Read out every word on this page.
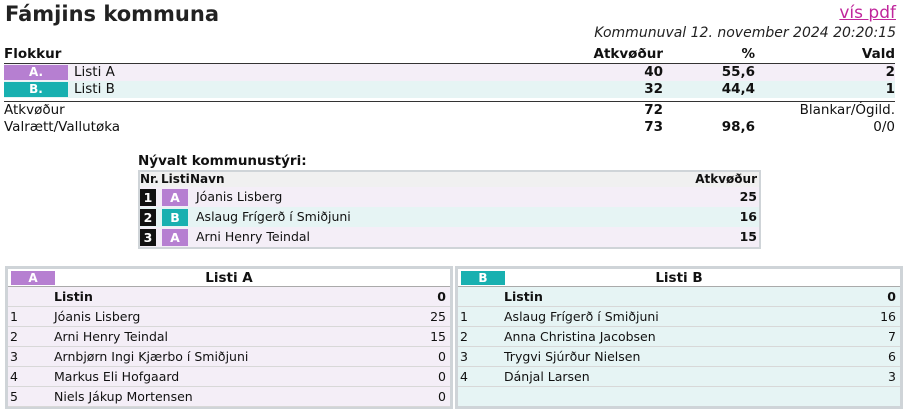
Fámjins kommuna	vís pdf
Kommunuval 12. november 2024 20:20:15
Flokkur	Atkvøður	%	Vald
A.	Listi A	40	55,6	2
B.	Listi B	32	44,4	1
Atkvøður	72	Blankar/Ógild.
Valrætt/Vallutøka	73	98,6	0/0
Nývalt kommunustýri:
Nr. Listi Navn	Atkvøður
1	A	Jóanis Lisberg	25
2	B	Aslaug Frígerð í Smiðjuni	16
3	A	Arni Henry Teindal	15
A	Listi A
Listin	0
1	Jóanis Lisberg	25
2	Arni Henry Teindal	15
3	Arnbjørn Ingi Kjærbo í Smiðjuni	0
4	Markus Eli Hofgaard	0
5	Niels Jákup Mortensen	0
B	Listi B
Listin	0
1	Aslaug Frígerð í Smiðjuni	16
2	Anna Christina Jacobsen	7
3	Trygvi Sjúrður Nielsen	6
4	Dánjal Larsen	3
